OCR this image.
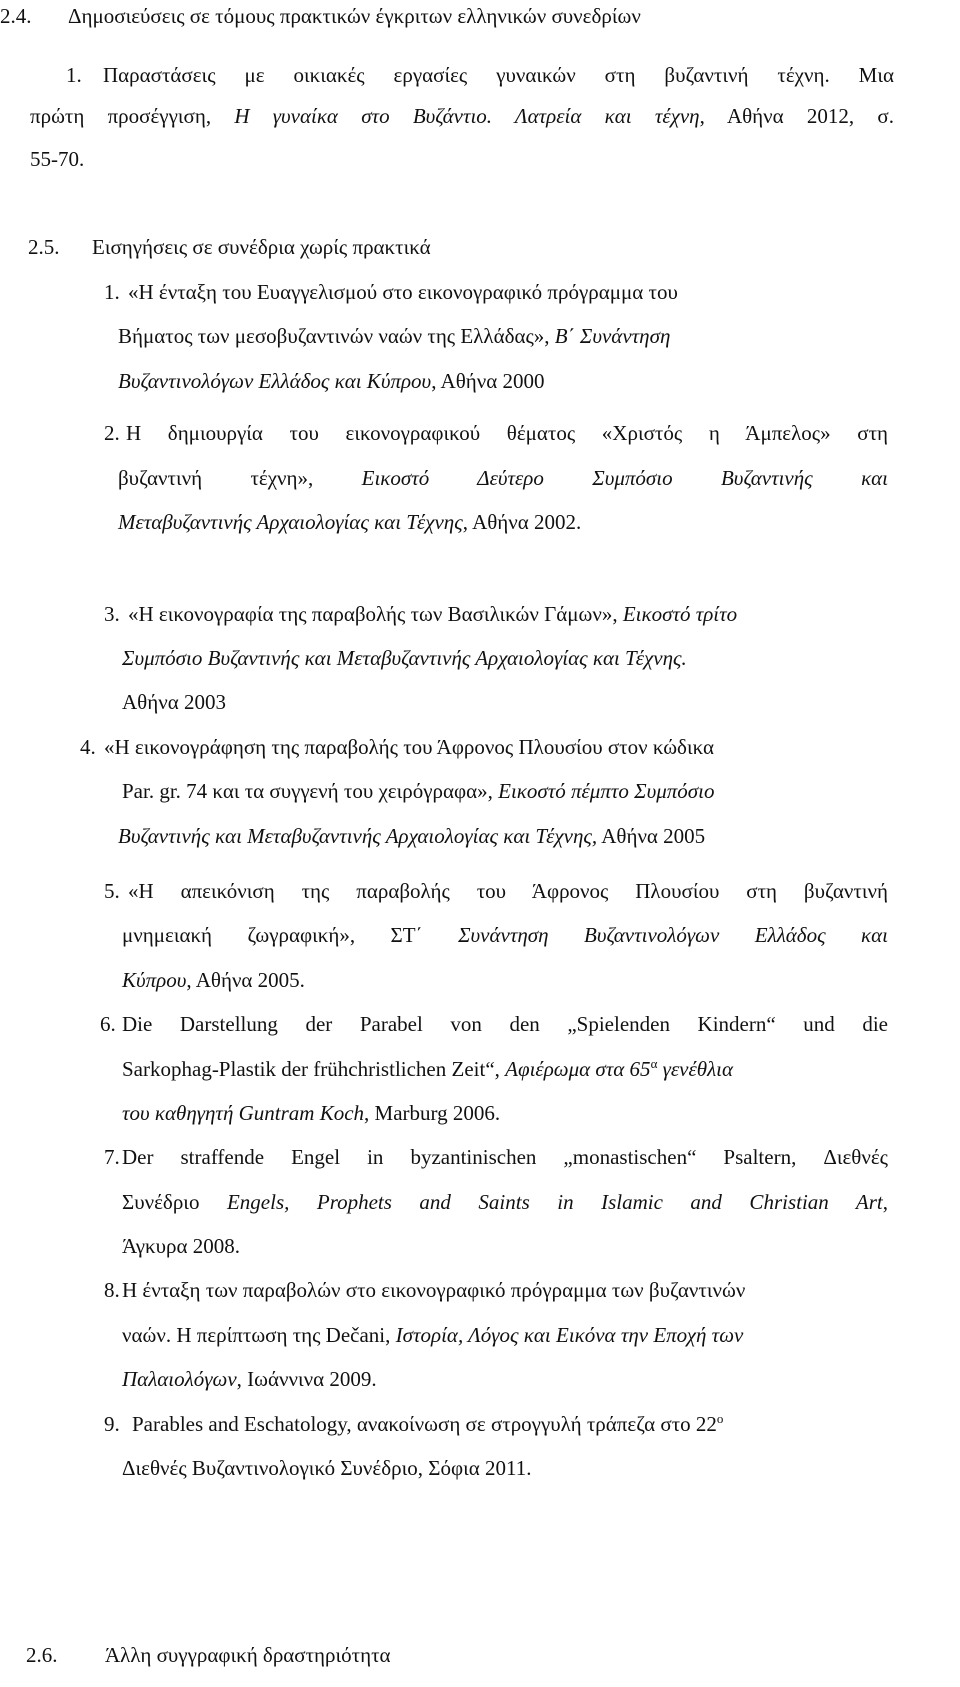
2.4. Δημοσιεύσεις σε τόμους πρακτικών έγκριτων ελληνικών συνεδρίων
1. Παραστάσεις με οικιακές εργασίες γυναικών στη βυζαντινή τέχνη. Μια
πρώτη προσέγγιση, Η γυναίκα στο Βυζάντιο. Λατρεία και τέχνη, Αθήνα 2012, σ.
55-70.
2.5. Εισηγήσεις σε συνέδρια χωρίς πρακτικά
1. «Η ένταξη του Ευαγγελισμού στο εικονογραφικό πρόγραμμα του
Βήματος των μεσοβυζαντινών ναών της Ελλάδας», Β΄ Συνάντηση
Βυζαντινολόγων Ελλάδος και Κύπρου, Αθήνα 2000
2. Η δημιουργία του εικονογραφικού θέματος «Χριστός η Άμπελος» στη
βυζαντινή τέχνη», Εικοστό Δεύτερο Συμπόσιο Βυζαντινής και
Μεταβυζαντινής Αρχαιολογίας και Τέχνης, Αθήνα 2002.
3. «Η εικονογραφία της παραβολής των Βασιλικών Γάμων», Εικοστό τρίτο
Συμπόσιο Βυζαντινής και Μεταβυζαντινής Αρχαιολογίας και Τέχνης.
Αθήνα 2003
4. «Η εικονογράφηση της παραβολής του Άφρονος Πλουσίου στον κώδικα
Par. gr. 74 και τα συγγενή του χειρόγραφα», Εικοστό πέμπτο Συμπόσιο
Βυζαντινής και Μεταβυζαντινής Αρχαιολογίας και Τέχνης, Αθήνα 2005
5. «Η απεικόνιση της παραβολής του Άφρονος Πλουσίου στη βυζαντινή
μνημειακή ζωγραφική», ΣΤ΄ Συνάντηση Βυζαντινολόγων Ελλάδος και
Κύπρου, Αθήνα 2005.
6. Die Darstellung der Parabel von den „Spielenden Kindern“ und die
Sarkophag-Plastik der frühchristlichen Zeit“, Αφιέρωμα στα $65^\alpha$ γενέθλια
του καθηγητή Guntram Koch, Marburg 2006.
7. Der straffende Engel in byzantinischen „monastischen“ Psaltern, Διεθνές
Συνέδριο Engels, Prophets and Saints in Islamic and Christian Art,
Άγκυρα 2008.
8. Η ένταξη των παραβολών στο εικονογραφικό πρόγραμμα των βυζαντινών
ναών. Η περίπτωση της Dečani, Ιστορία, Λόγος και Εικόνα την Εποχή των
Παλαιολόγων, Ιωάννινα 2009.
9. Parables and Eschatology, ανακοίνωση σε στρογγυλή τράπεζα στο $22^o$
Διεθνές Βυζαντινολογικό Συνέδριο, Σόφια 2011.
2.6. Άλλη συγγραφική δραστηριότητα
